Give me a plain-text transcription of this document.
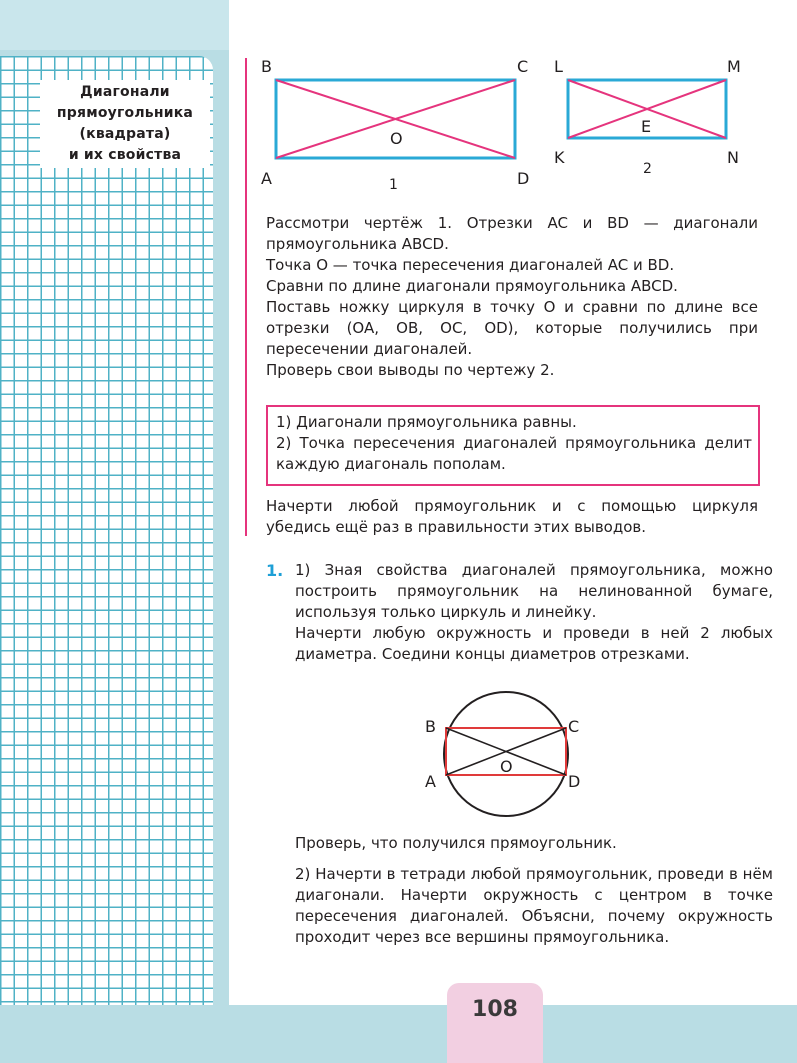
Диагонали
прямоугольника
(квадрата)
и их свойства
B	C
A	D
O
1
L	M
K	N
E
2

Рассмотри чертёж 1. Отрезки AC и BD — диагонали прямоугольника ABCD.

Точка O — точка пересечения диагоналей AC и BD.

Сравни по длине диагонали прямоугольника ABCD.

Поставь ножку циркуля в точку O и сравни по длине все отрезки (OA, OB, OC, OD), которые получились при пересечении диагоналей.

Проверь свои выводы по чертежу 2.

1) Диагонали прямоугольника равны.

2) Точка пересечения диагоналей прямоугольника делит каждую диагональ пополам.

Начерти любой прямоугольник и с помощью циркуля убедись ещё раз в правильности этих выводов.

1. 1) Зная свойства диагоналей прямоугольника, можно построить прямоугольник на нелинованной бумаге, используя только циркуль и линейку.

Начерти любую окружность и проведи в ней 2 любых диаметра. Соедини концы диаметров отрезками.

B	C
A	D
O

Проверь, что получился прямоугольник.

2) Начерти в тетради любой прямоугольник, проведи в нём диагонали. Начерти окружность с центром в точке пересечения диагоналей. Объясни, почему окружность проходит через все вершины прямоугольника.

108
